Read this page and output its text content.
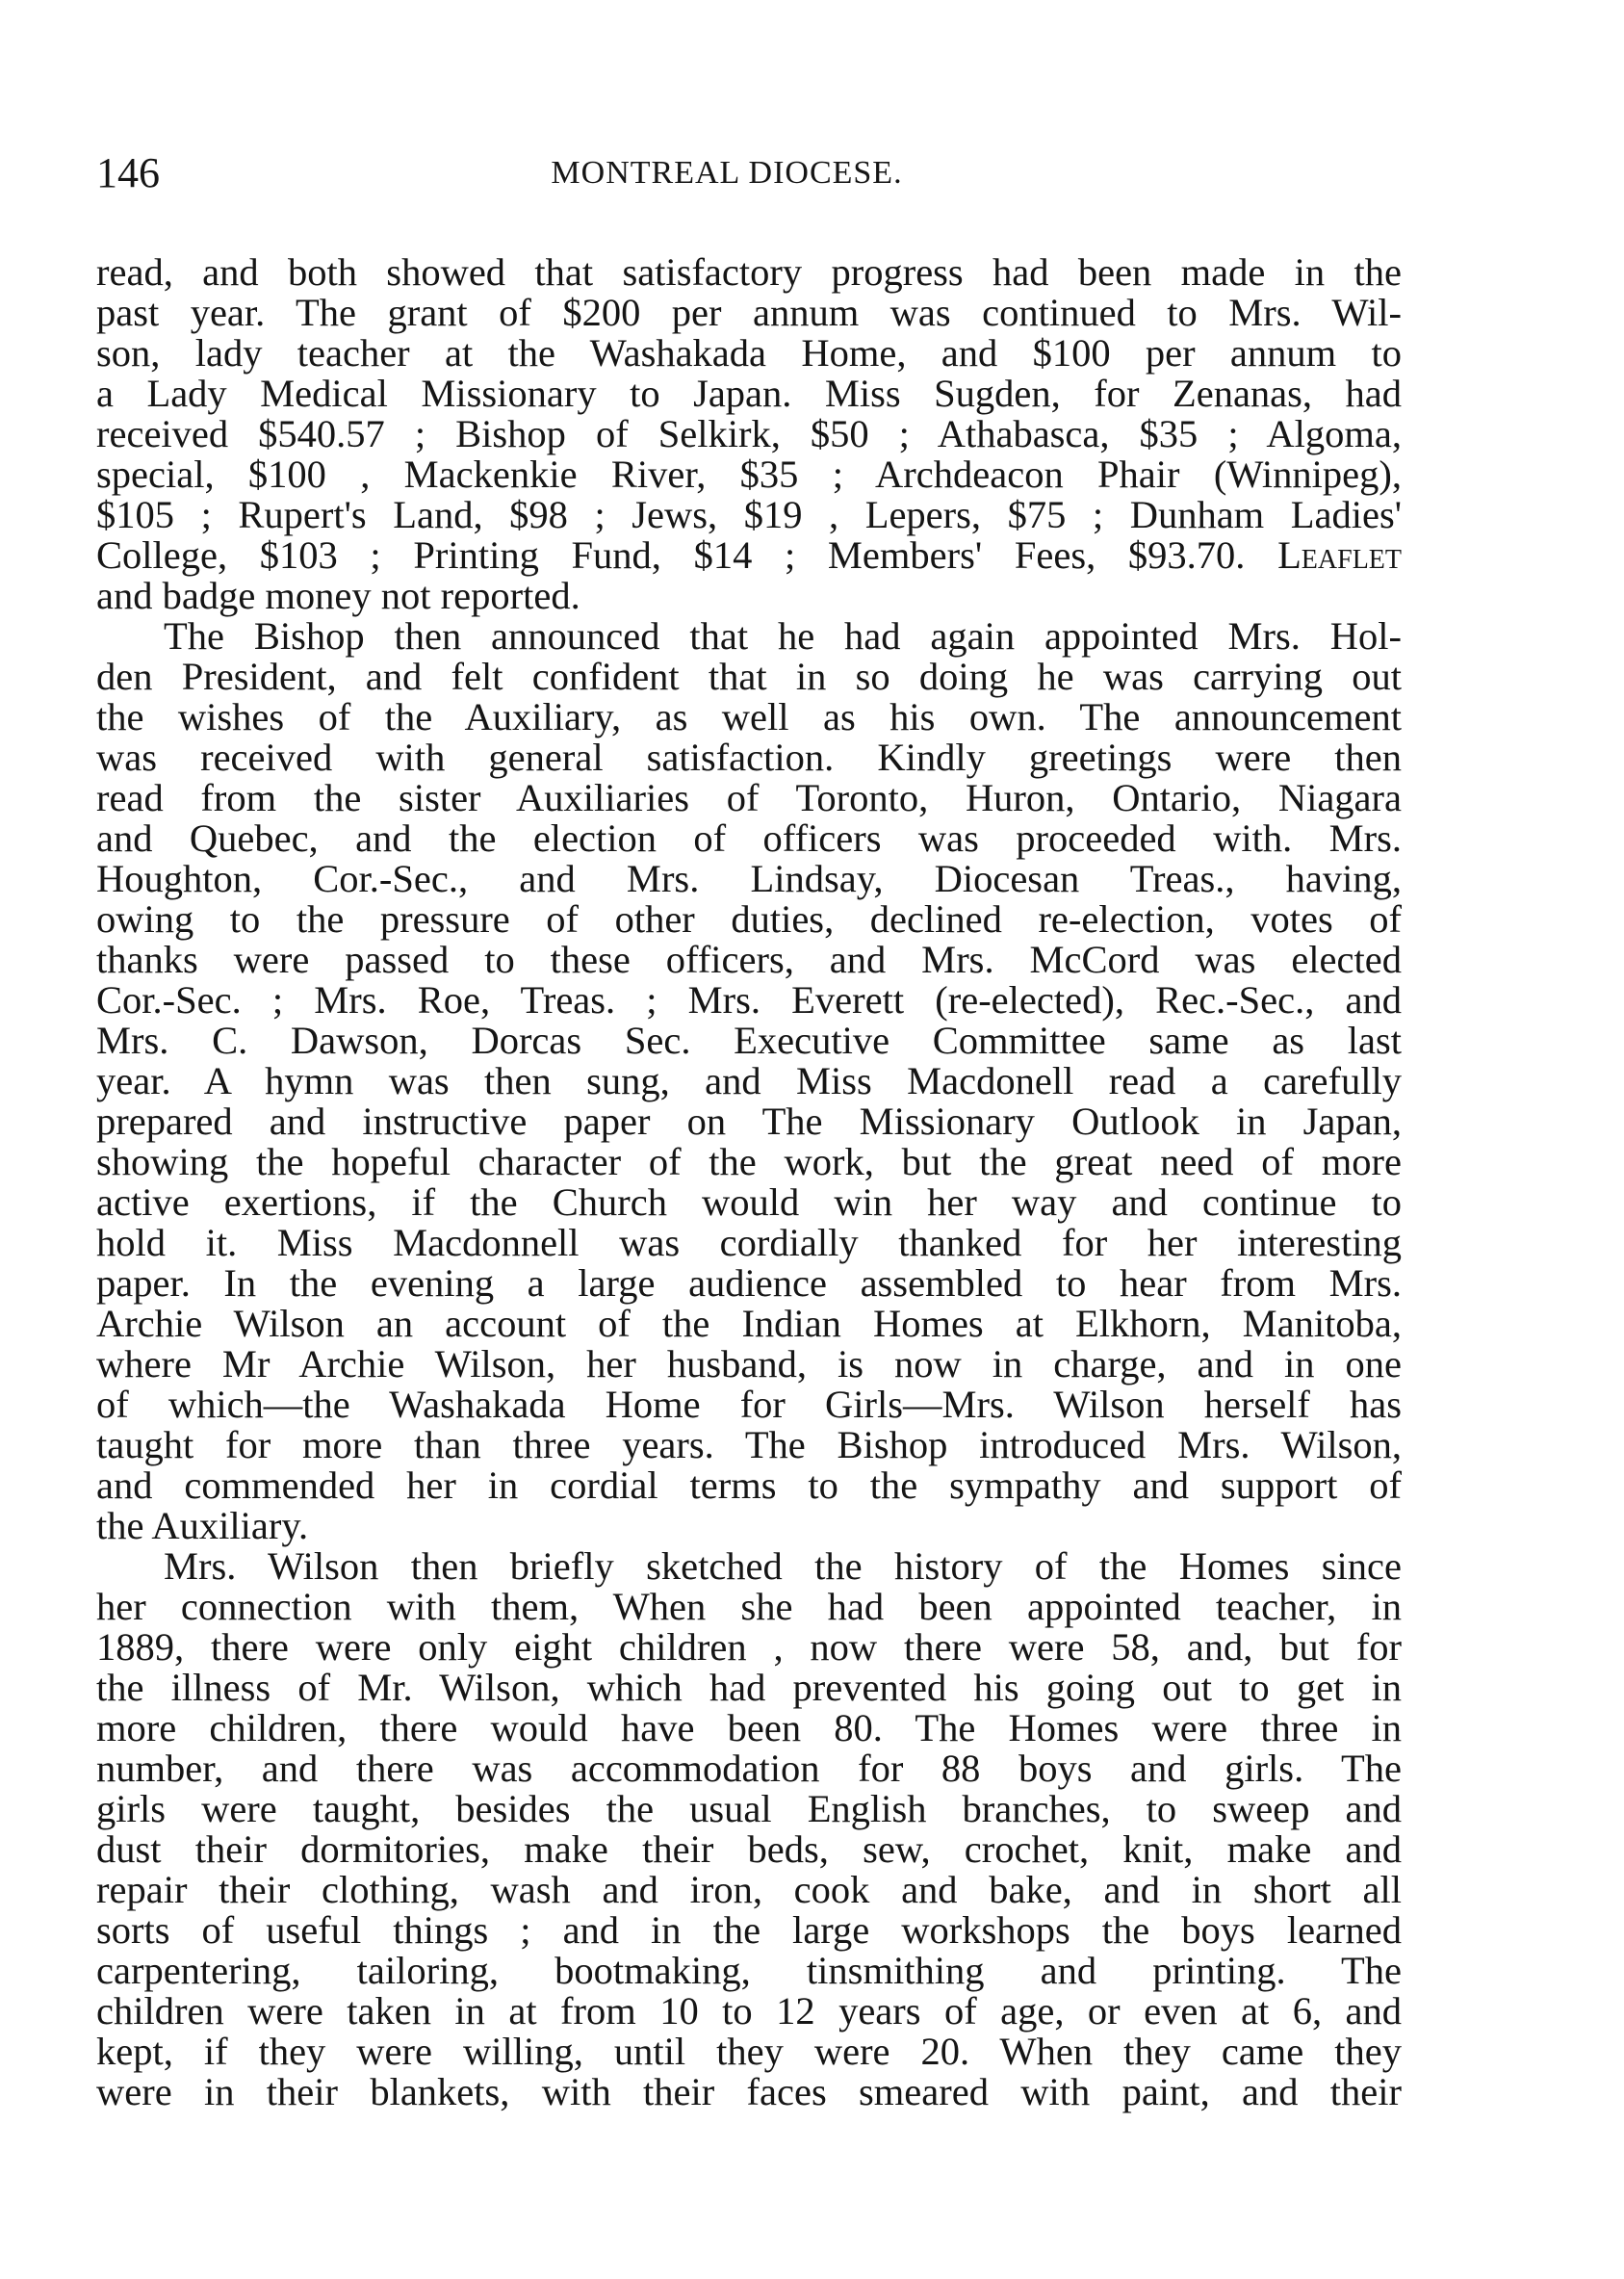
146	MONTREAL DIOCESE.
read, and both showed that satisfactory progress had been made in the
past year. The grant of $200 per annum was continued to Mrs. Wil-
son, lady teacher at the Washakada Home, and $100 per annum to
a Lady Medical Missionary to Japan. Miss Sugden, for Zenanas, had
received $540.57 ; Bishop of Selkirk, $50 ; Athabasca, $35 ; Algoma,
special, $100 , Mackenkie River, $35 ; Archdeacon Phair (Winnipeg),
$105 ; Rupert's Land, $98 ; Jews, $19 , Lepers, $75 ; Dunham Ladies'
College, $103 ; Printing Fund, $14 ; Members' Fees, $93.70. Leaflet
and badge money not reported.
The Bishop then announced that he had again appointed Mrs. Hol-
den President, and felt confident that in so doing he was carrying out
the wishes of the Auxiliary, as well as his own. The announcement
was received with general satisfaction. Kindly greetings were then
read from the sister Auxiliaries of Toronto, Huron, Ontario, Niagara
and Quebec, and the election of officers was proceeded with. Mrs.
Houghton, Cor.-Sec., and Mrs. Lindsay, Diocesan Treas., having,
owing to the pressure of other duties, declined re-election, votes of
thanks were passed to these officers, and Mrs. McCord was elected
Cor.-Sec. ; Mrs. Roe, Treas. ; Mrs. Everett (re-elected), Rec.-Sec., and
Mrs. C. Dawson, Dorcas Sec. Executive Committee same as last
year. A hymn was then sung, and Miss Macdonell read a carefully
prepared and instructive paper on The Missionary Outlook in Japan,
showing the hopeful character of the work, but the great need of more
active exertions, if the Church would win her way and continue to
hold it. Miss Macdonnell was cordially thanked for her interesting
paper. In the evening a large audience assembled to hear from Mrs.
Archie Wilson an account of the Indian Homes at Elkhorn, Manitoba,
where Mr Archie Wilson, her husband, is now in charge, and in one
of which—the Washakada Home for Girls—Mrs. Wilson herself has
taught for more than three years. The Bishop introduced Mrs. Wilson,
and commended her in cordial terms to the sympathy and support of
the Auxiliary.
Mrs. Wilson then briefly sketched the history of the Homes since
her connection with them, When she had been appointed teacher, in
1889, there were only eight children , now there were 58, and, but for
the illness of Mr. Wilson, which had prevented his going out to get in
more children, there would have been 80. The Homes were three in
number, and there was accommodation for 88 boys and girls. The
girls were taught, besides the usual English branches, to sweep and
dust their dormitories, make their beds, sew, crochet, knit, make and
repair their clothing, wash and iron, cook and bake, and in short all
sorts of useful things ; and in the large workshops the boys learned
carpentering, tailoring, bootmaking, tinsmithing and printing. The
children were taken in at from 10 to 12 years of age, or even at 6, and
kept, if they were willing, until they were 20. When they came they
were in their blankets, with their faces smeared with paint, and their
